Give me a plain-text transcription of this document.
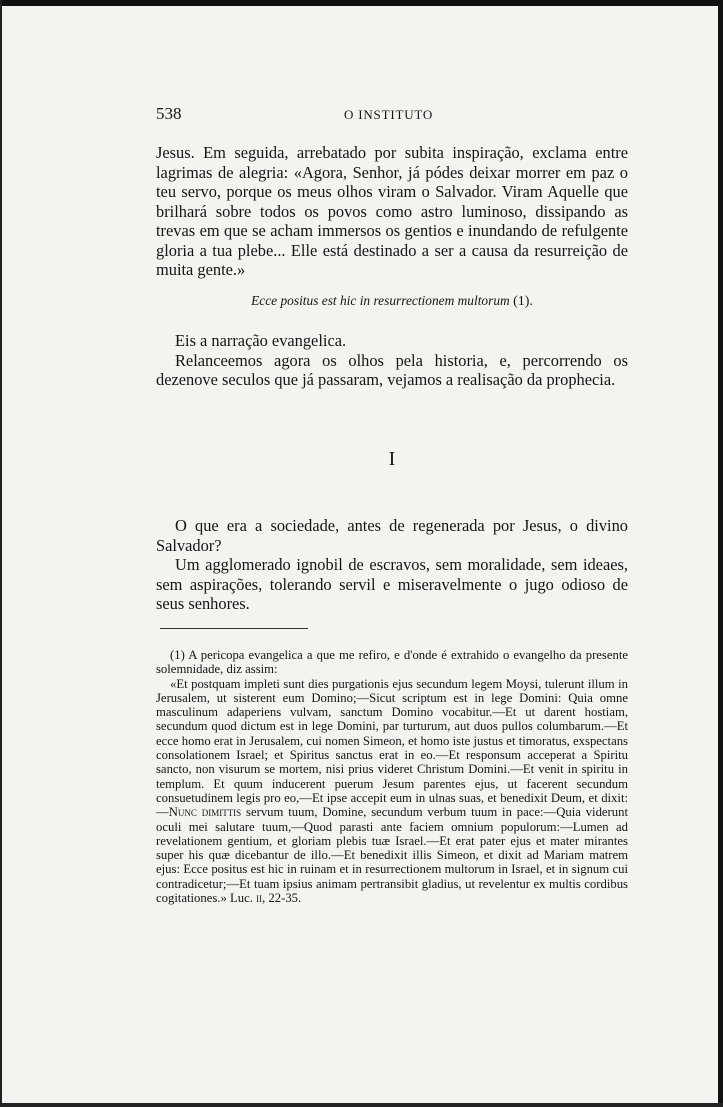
538	O INSTITUTO

Jesus. Em seguida, arrebatado por subita inspiração, exclama entre lagrimas de alegria: «Agora, Senhor, já pódes deixar morrer em paz o teu servo, porque os meus olhos viram o Salvador. Viram Aquelle que brilhará sobre todos os povos como astro luminoso, dissipando as trevas em que se acham immersos os gentios e inundando de refulgente gloria a tua plebe... Elle está destinado a ser a causa da resurreição de muita gente.»

Ecce positus est hic in resurrectionem multorum (1).

Eis a narração evangelica.

Relanceemos agora os olhos pela historia, e, percorrendo os dezenove seculos que já passaram, vejamos a realisação da prophecia.

I

O que era a sociedade, antes de regenerada por Jesus, o divino Salvador?

Um agglomerado ignobil de escravos, sem moralidade, sem ideaes, sem aspirações, tolerando servil e miseravelmente o jugo odioso de seus senhores.

(1) A pericopa evangelica a que me refiro, e d'onde é extrahido o evangelho da presente solemnidade, diz assim:

«Et postquam impleti sunt dies purgationis ejus secundum legem Moysi, tulerunt illum in Jerusalem, ut sisterent eum Domino;—Sicut scriptum est in lege Domini: Quia omne masculinum adaperiens vulvam, sanctum Domino vocabitur.—Et ut darent hostiam, secundum quod dictum est in lege Domini, par turturum, aut duos pullos columbarum.—Et ecce homo erat in Jerusalem, cui nomen Simeon, et homo iste justus et timoratus, exspectans consolationem Israel; et Spiritus sanctus erat in eo.—Et responsum acceperat a Spiritu sancto, non visurum se mortem, nisi prius videret Christum Domini.—Et venit in spiritu in templum. Et quum inducerent puerum Jesum parentes ejus, ut facerent secundum consuetudinem legis pro eo,—Et ipse accepit eum in ulnas suas, et benedixit Deum, et dixit:—Nunc dimittis servum tuum, Domine, secundum verbum tuum in pace:—Quia viderunt oculi mei salutare tuum,—Quod parasti ante faciem omnium populorum:—Lumen ad revelationem gentium, et gloriam plebis tuæ Israel.—Et erat pater ejus et mater mirantes super his quæ dicebantur de illo.—Et benedixit illis Simeon, et dixit ad Mariam matrem ejus: Ecce positus est hic in ruinam et in resurrectionem multorum in Israel, et in signum cui contradicetur;—Et tuam ipsius animam pertransibit gladius, ut revelentur ex multis cordibus cogitationes.» Luc. ii, 22-35.
